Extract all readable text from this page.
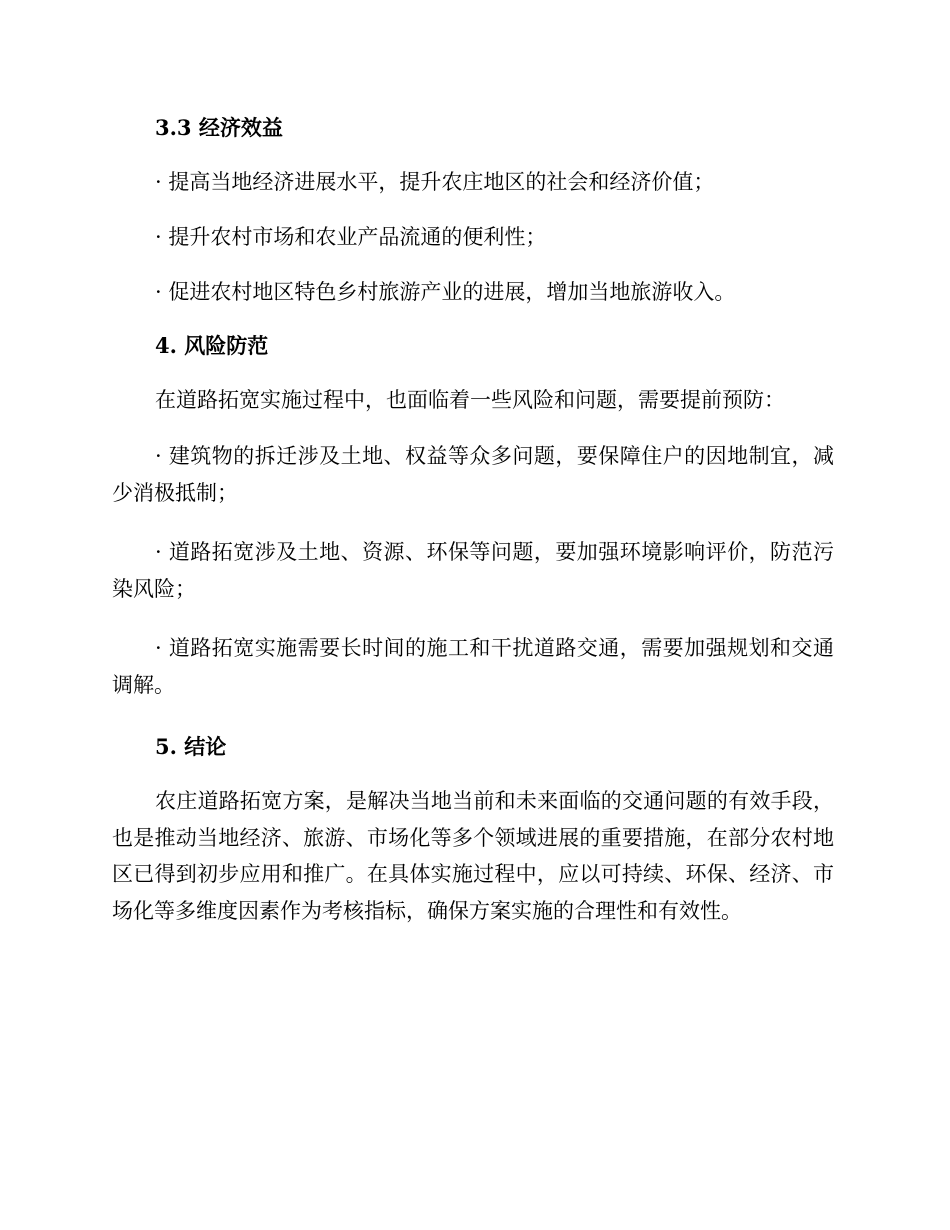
3.3 经济效益
· 提高当地经济进展水平，提升农庄地区的社会和经济价值；
· 提升农村市场和农业产品流通的便利性；
· 促进农村地区特色乡村旅游产业的进展，增加当地旅游收入。
4. 风险防范
在道路拓宽实施过程中，也面临着一些风险和问题，需要提前预防：

· 建筑物的拆迁涉及土地、权益等众多问题，要保障住户的因地制宜，减少消极抵制；

· 道路拓宽涉及土地、资源、环保等问题，要加强环境影响评价，防范污染风险；

· 道路拓宽实施需要长时间的施工和干扰道路交通，需要加强规划和交通调解。

5. 结论

农庄道路拓宽方案，是解决当地当前和未来面临的交通问题的有效手段，也是推动当地经济、旅游、市场化等多个领域进展的重要措施，在部分农村地区已得到初步应用和推广。在具体实施过程中，应以可持续、环保、经济、市场化等多维度因素作为考核指标，确保方案实施的合理性和有效性。
